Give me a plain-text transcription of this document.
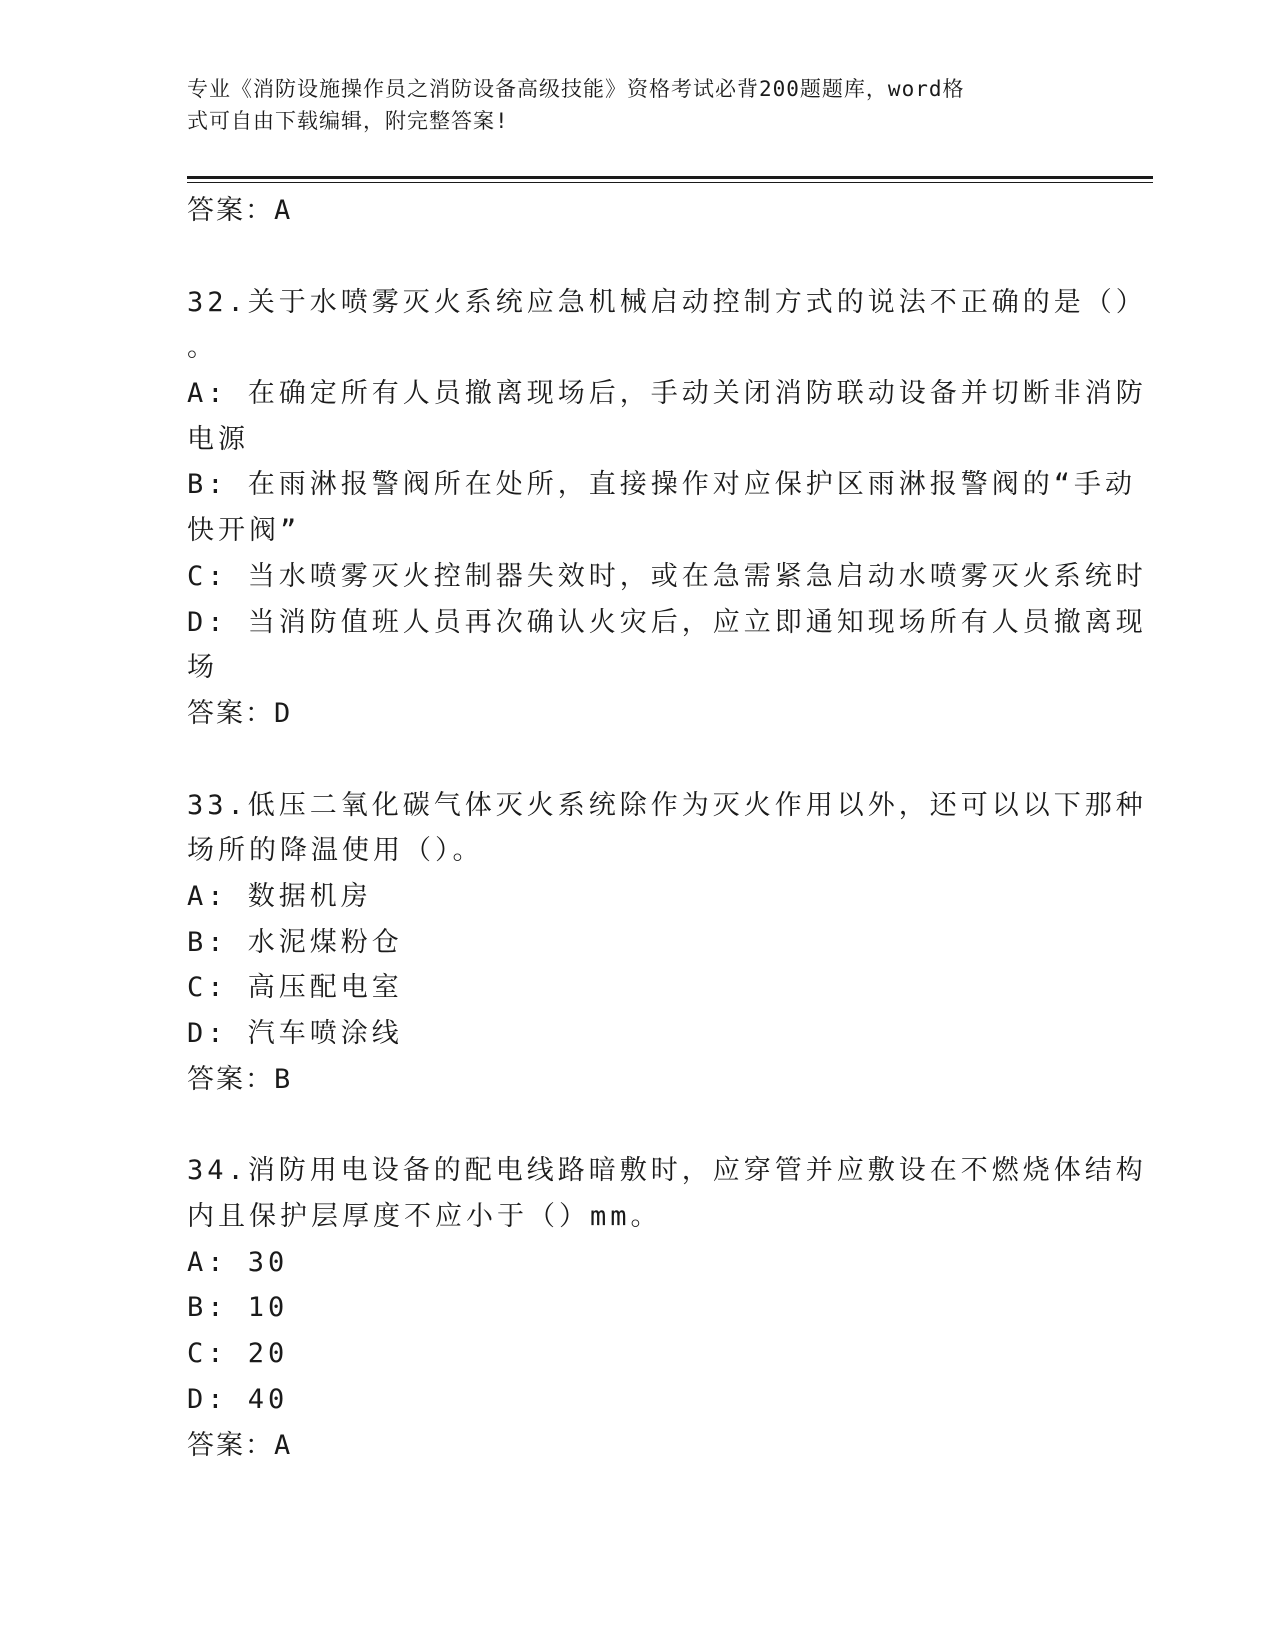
专业《消防设施操作员之消防设备高级技能》资格考试必背200题题库，word格
式可自由下载编辑，附完整答案!
答案：A
32.关于水喷雾灭火系统应急机械启动控制方式的说法不正确的是（）
。
A: 在确定所有人员撤离现场后，手动关闭消防联动设备并切断非消防
电源
B: 在雨淋报警阀所在处所，直接操作对应保护区雨淋报警阀的“手动
快开阀”
C: 当水喷雾灭火控制器失效时，或在急需紧急启动水喷雾灭火系统时
D: 当消防值班人员再次确认火灾后，应立即通知现场所有人员撤离现
场
答案：D
33.低压二氧化碳气体灭火系统除作为灭火作用以外，还可以以下那种
场所的降温使用（）。
A: 数据机房
B: 水泥煤粉仓
C: 高压配电室
D: 汽车喷涂线
答案：B
34.消防用电设备的配电线路暗敷时，应穿管并应敷设在不燃烧体结构
内且保护层厚度不应小于（）mm。
A: 30
B: 10
C: 20
D: 40
答案：A
